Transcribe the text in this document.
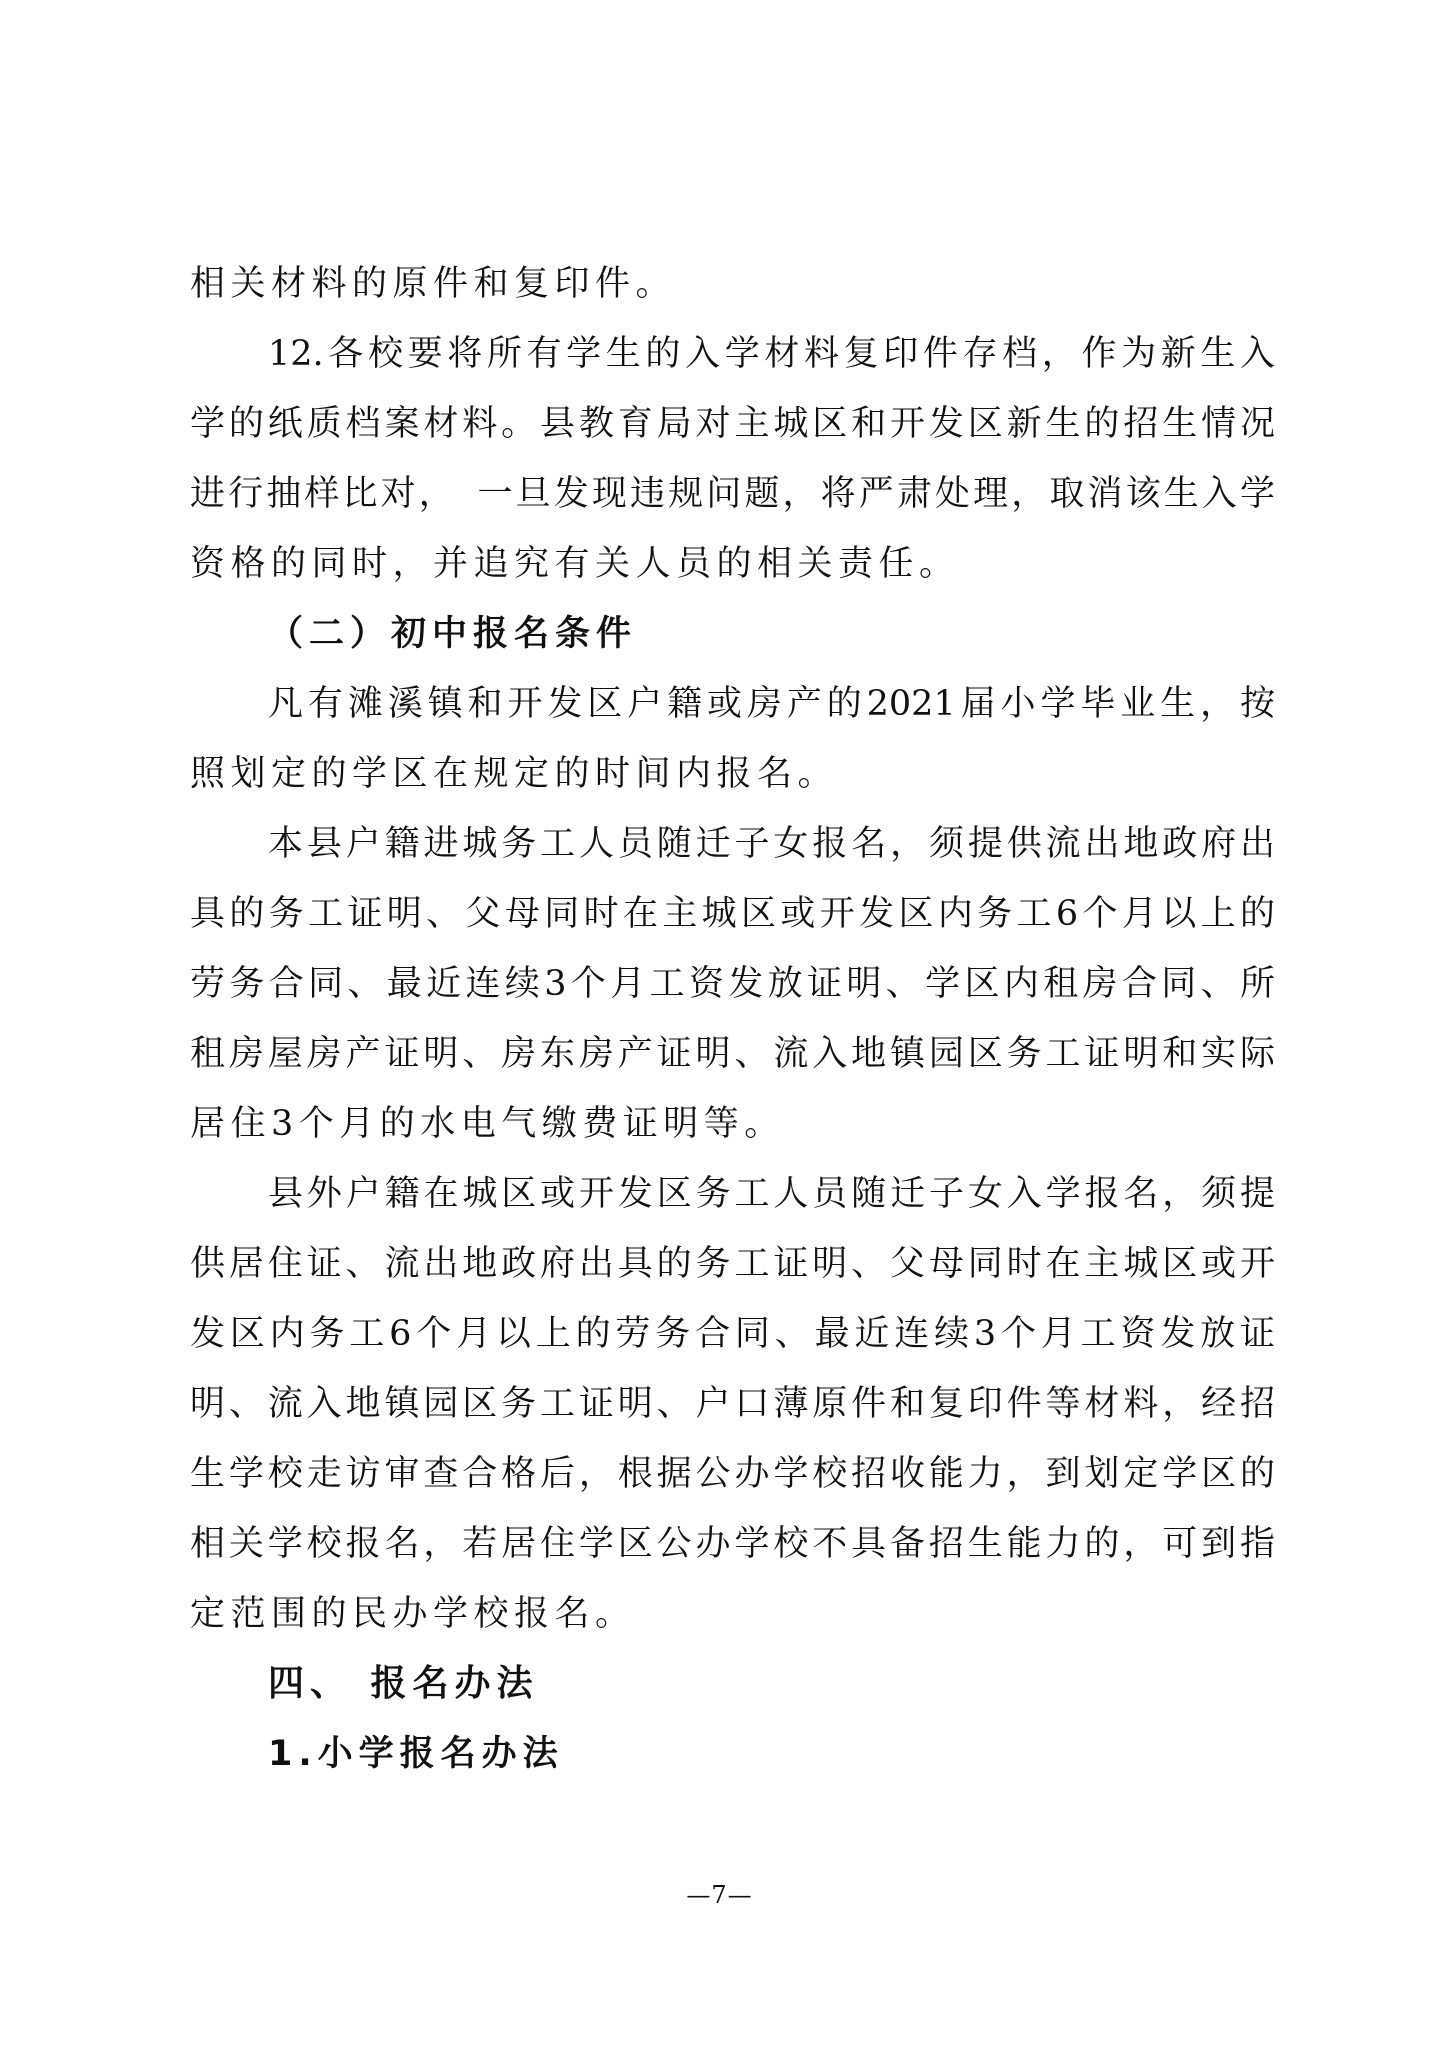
相关材料的原件和复印件。
12.各校要将所有学生的入学材料复印件存档，作为新生入
学的纸质档案材料。县教育局对主城区和开发区新生的招生情况
进行抽样比对，　一旦发现违规问题，将严肃处理，取消该生入学
资格的同时，并追究有关人员的相关责任。
（二）初中报名条件
凡有滩溪镇和开发区户籍或房产的2021届小学毕业生，按
照划定的学区在规定的时间内报名。
本县户籍进城务工人员随迁子女报名，须提供流出地政府出
具的务工证明、父母同时在主城区或开发区内务工6个月以上的
劳务合同、最近连续3个月工资发放证明、学区内租房合同、所
租房屋房产证明、房东房产证明、流入地镇园区务工证明和实际
居住3个月的水电气缴费证明等。
县外户籍在城区或开发区务工人员随迁子女入学报名，须提
供居住证、流出地政府出具的务工证明、父母同时在主城区或开
发区内务工6个月以上的劳务合同、最近连续3个月工资发放证
明、流入地镇园区务工证明、户口薄原件和复印件等材料，经招
生学校走访审查合格后，根据公办学校招收能力，到划定学区的
相关学校报名，若居住学区公办学校不具备招生能力的，可到指
定范围的民办学校报名。
四、 报名办法
1.小学报名办法
—7—
